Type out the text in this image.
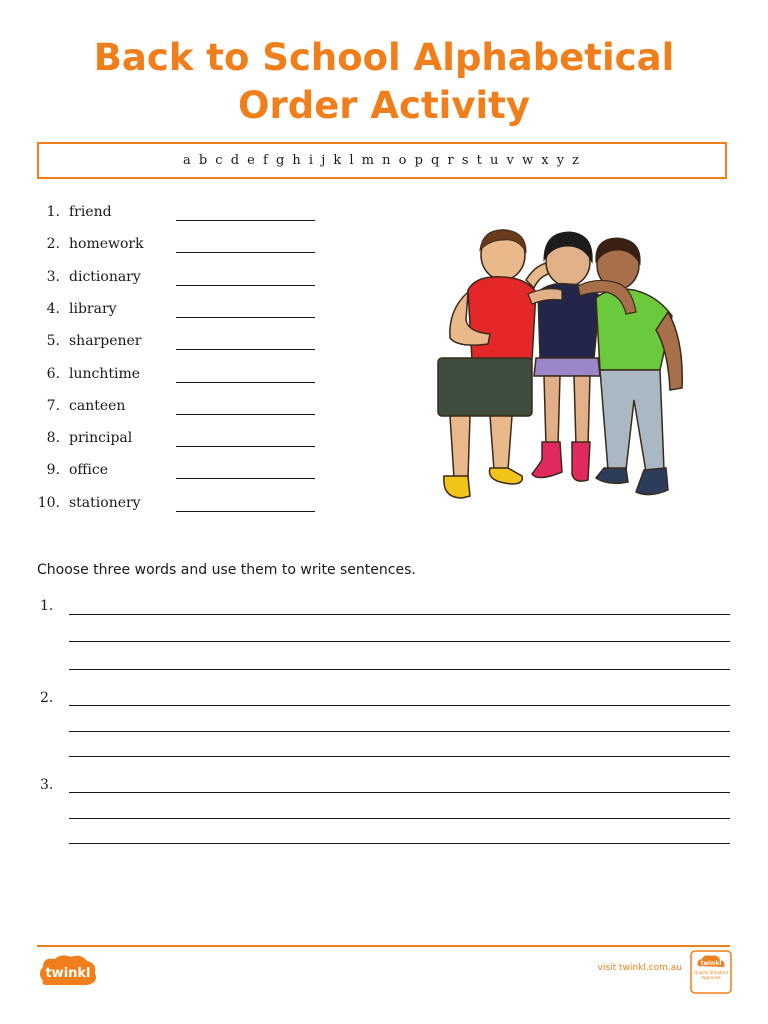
Back to School Alphabetical
Order Activity
a b c d e f g h i j k l m n o p q r s t u v w x y z
1. friend
2. homework
3. dictionary
4. library
5. sharpener
6. lunchtime
7. canteen
8. principal
9. office
10. stationery
Choose three words and use them to write sentences.
1.
2.
3.
twinkl	visit twinkl.com.au	twinkl
Quality Standard Approved
